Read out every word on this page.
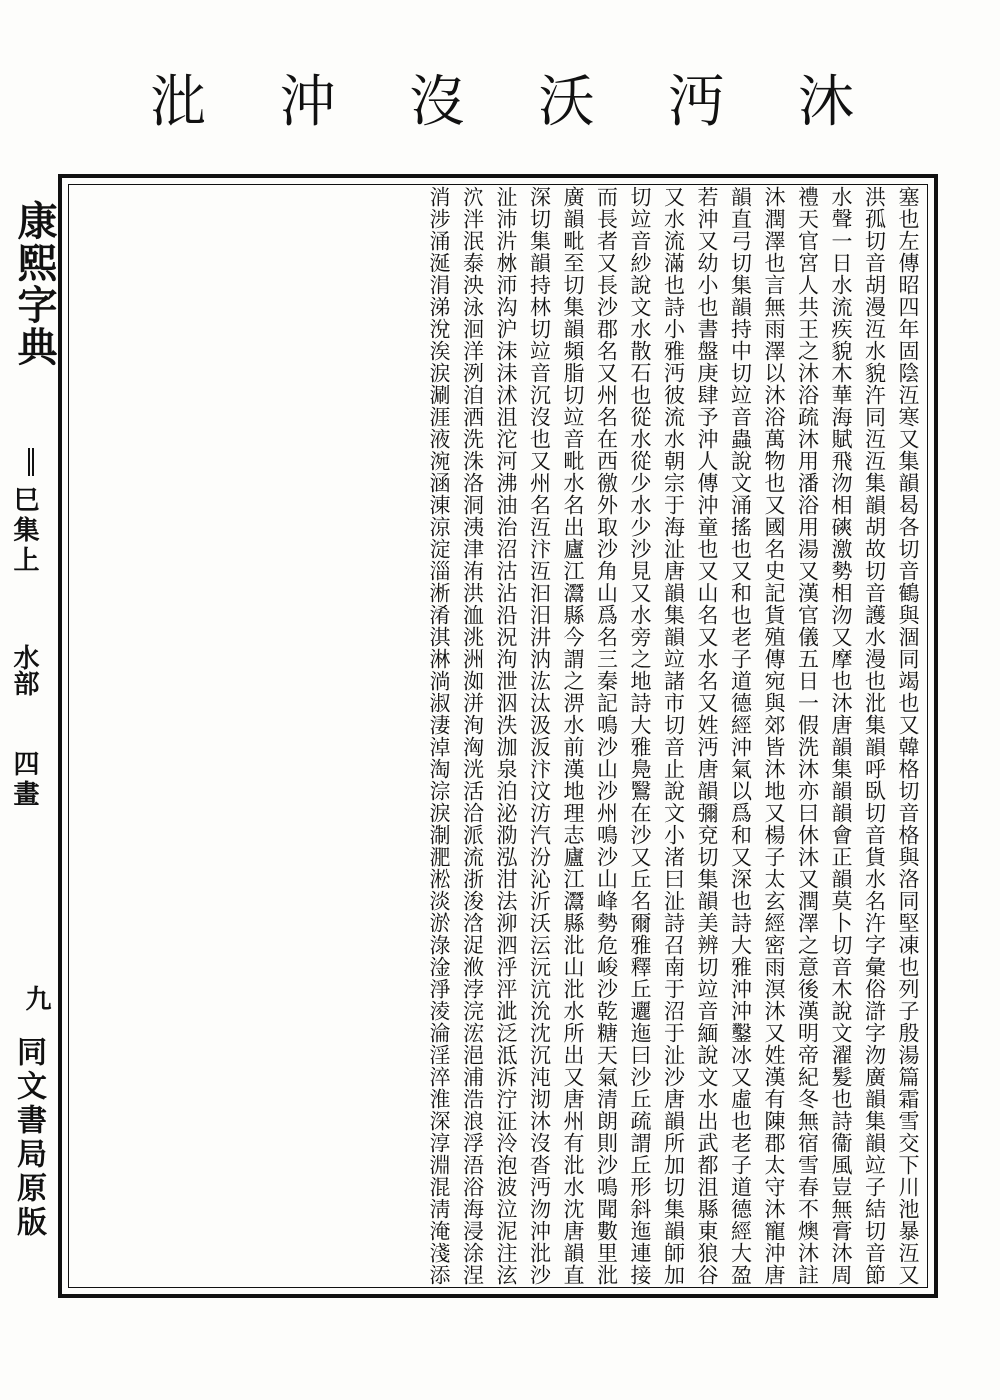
沐
沔
沃
沒
沖
沘
康熙字典
巳集上
水部
四畫
九
同文書局原版	塞也左傳昭四年固陰沍寒又集韻曷各切音鶴與涸同竭也又韓格切音格與洛同堅凍也列子殷湯篇霜雪交下川池暴沍又洪孤切音胡漫沍水貌汻同沍沍集韻胡故切音護水漫也沘集韻呼臥切音貨水名汻字彙俗滸字沕廣韻集韻竝子結切音節水聲一日水流疾貌木華海賦飛沕相磢激勢相沕又摩也沐唐韻集韻韻會正韻莫卜切音木說文濯髮也詩衞風豈無膏沐周禮天官宮人共王之沐浴疏沐用潘浴用湯又漢官儀五日一假洗沐亦曰休沐又潤澤之意後漢明帝紀冬無宿雪春不燠沐註沐潤澤也言無雨澤以沐浴萬物也又國名史記貨殖傳宛與郊皆沐地又楊子太玄經密雨溟沐又姓漢有陳郡太守沐寵沖唐韻直弓切集韻持中切竝音蟲說文涌搖也又和也老子道德經沖氣以爲和又深也詩大雅沖沖鑿冰又虛也老子道德經大盈若沖又幼小也書盤庚肆予沖人傳沖童也又山名又水名又姓沔唐韻彌兗切集韻美辨切竝音緬說文水出武都沮縣東狼谷又水流滿也詩小雅沔彼流水朝宗于海沚唐韻集韻竝諸市切音止說文小渚曰沚詩召南于沼于沚沙唐韻所加切集韻師加切竝音紗說文水散石也從水從少水少沙見又水旁之地詩大雅鳧鷖在沙又丘名爾雅釋丘邐迤曰沙丘疏謂丘形斜迤連接而長者又長沙郡名又州名在西徼外取沙角山爲名三秦記鳴沙山沙州鳴沙山峰勢危峻沙乾糖天氣清朗則沙鳴聞數里沘廣韻毗至切集韻頻脂切竝音毗水名出廬江灊縣今謂之淠水前漢地理志廬江灊縣沘山沘水所出又唐州有沘水沈唐韻直深切集韻持林切竝音沉沒也又州名沍汴沍汩汨汫汭汯汰汲汳汴汶汸汽汾沁沂沃沄沅沆沇沈沉沌沏沐沒沓沔沕沖沘沙沚沛沜沝沞沟沪沫沬沭沮沱河沸油治沼沽沾沿況泃泄泅泆泇泉泊泌泐泓泔法泖泗泘泙泚泛泜泝泞泟泠泡波泣泥注泫泬泮泯泰泱泳洄洋洌洎洒洗洙洛洞洟津洧洪洫洮洲洳洴洵洶洸活洽派流浙浚浛浞浟浡浣浤浥浦浩浪浮浯浴海浸涂涅消涉涌涎涓涕涗涘涙涮涯液涴涵涷涼淀淄淅淆淇淋淌淑淒淖淘淙淚淛淝淞淡淤淥淦淨淩淪淫淬淮深淳淵混淸淹淺添
